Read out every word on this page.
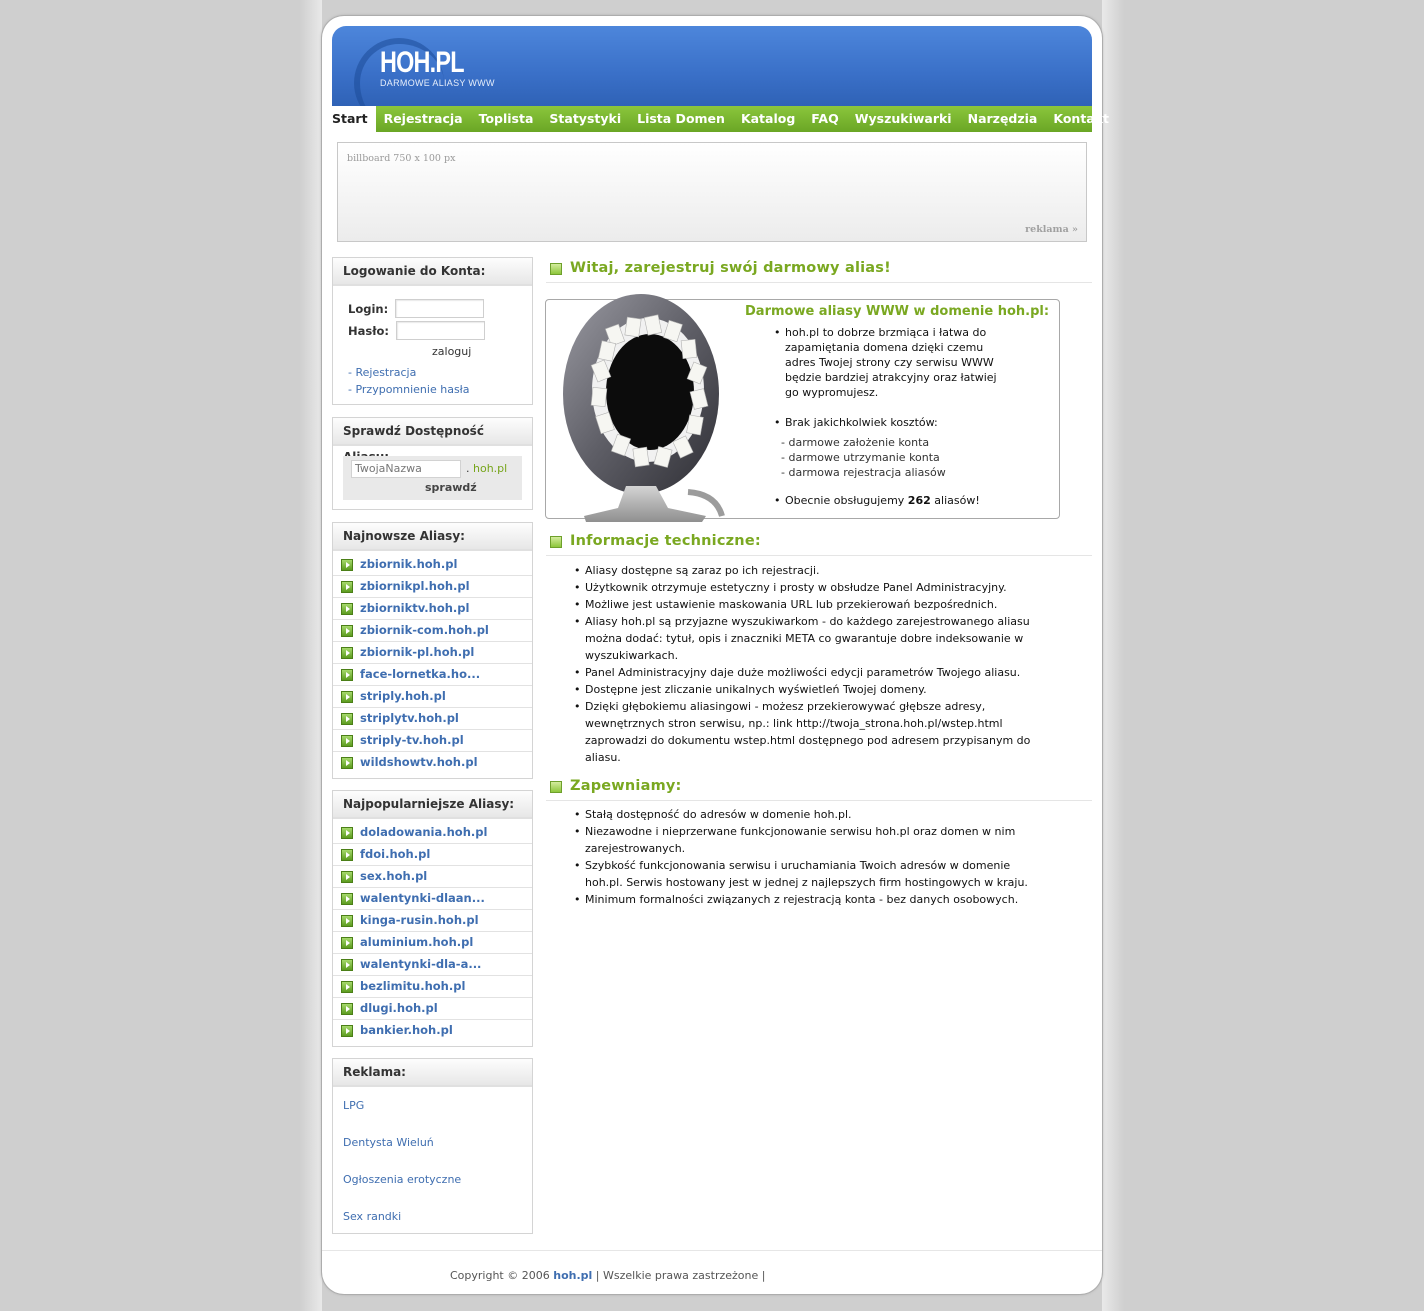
HOH.PL
DARMOWE ALIASY WWW
Start	Rejestracja	Toplista	Statystyki	Lista Domen	Katalog	FAQ	Wyszukiwarki	Narzędzia	Kontakt
billboard 750 x 100 px
reklama »
Logowanie do Konta:
Login:
Hasło:
zaloguj
- Rejestracja
- Przypomnienie hasła
Sprawdź Dostępność
TwojaNazwa	. hoh.pl
sprawdź
Najnowsze Aliasy:
zbiornik.hoh.pl
zbiornikpl.hoh.pl
zbiorniktv.hoh.pl
zbiornik-com.hoh.pl
zbiornik-pl.hoh.pl
face-lornetka.ho...
striply.hoh.pl
striplytv.hoh.pl
striply-tv.hoh.pl
wildshowtv.hoh.pl
Najpopularniejsze Aliasy:
doladowania.hoh.pl
fdoi.hoh.pl
sex.hoh.pl
walentynki-dlaan...
kinga-rusin.hoh.pl
aluminium.hoh.pl
walentynki-dla-a...
bezlimitu.hoh.pl
dlugi.hoh.pl
bankier.hoh.pl
Reklama:
LPG
Dentysta Wieluń
Ogłoszenia erotyczne
Sex randki
Witaj, zarejestruj swój darmowy alias!
Darmowe aliasy WWW w domenie hoh.pl:
• hoh.pl to dobrze brzmiąca i łatwa do
zapamiętania domena dzięki czemu
adres Twojej strony czy serwisu WWW
będzie bardziej atrakcyjny oraz łatwiej
go wypromujesz.
• Brak jakichkolwiek kosztów:
- darmowe założenie konta
- darmowe utrzymanie konta
- darmowa rejestracja aliasów
• Obecnie obsługujemy 262 aliasów!
Informacje techniczne:
• Aliasy dostępne są zaraz po ich rejestracji.
• Użytkownik otrzymuje estetyczny i prosty w obsłudze Panel Administracyjny.
• Możliwe jest ustawienie maskowania URL lub przekierowań bezpośrednich.
• Aliasy hoh.pl są przyjazne wyszukiwarkom - do każdego zarejestrowanego aliasu
można dodać: tytuł, opis i znaczniki META co gwarantuje dobre indeksowanie w
wyszukiwarkach.
• Panel Administracyjny daje duże możliwości edycji parametrów Twojego aliasu.
• Dostępne jest zliczanie unikalnych wyświetleń Twojej domeny.
• Dzięki głębokiemu aliasingowi - możesz przekierowywać głębsze adresy,
wewnętrznych stron serwisu, np.: link http://twoja_strona.hoh.pl/wstep.html
zaprowadzi do dokumentu wstep.html dostępnego pod adresem przypisanym do
aliasu.
Zapewniamy:
• Stałą dostępność do adresów w domenie hoh.pl.
• Niezawodne i nieprzerwane funkcjonowanie serwisu hoh.pl oraz domen w nim
zarejestrowanych.
• Szybkość funkcjonowania serwisu i uruchamiania Twoich adresów w domenie
hoh.pl. Serwis hostowany jest w jednej z najlepszych firm hostingowych w kraju.
• Minimum formalności związanych z rejestracją konta - bez danych osobowych.
Copyright © 2006 hoh.pl | Wszelkie prawa zastrzeżone |
